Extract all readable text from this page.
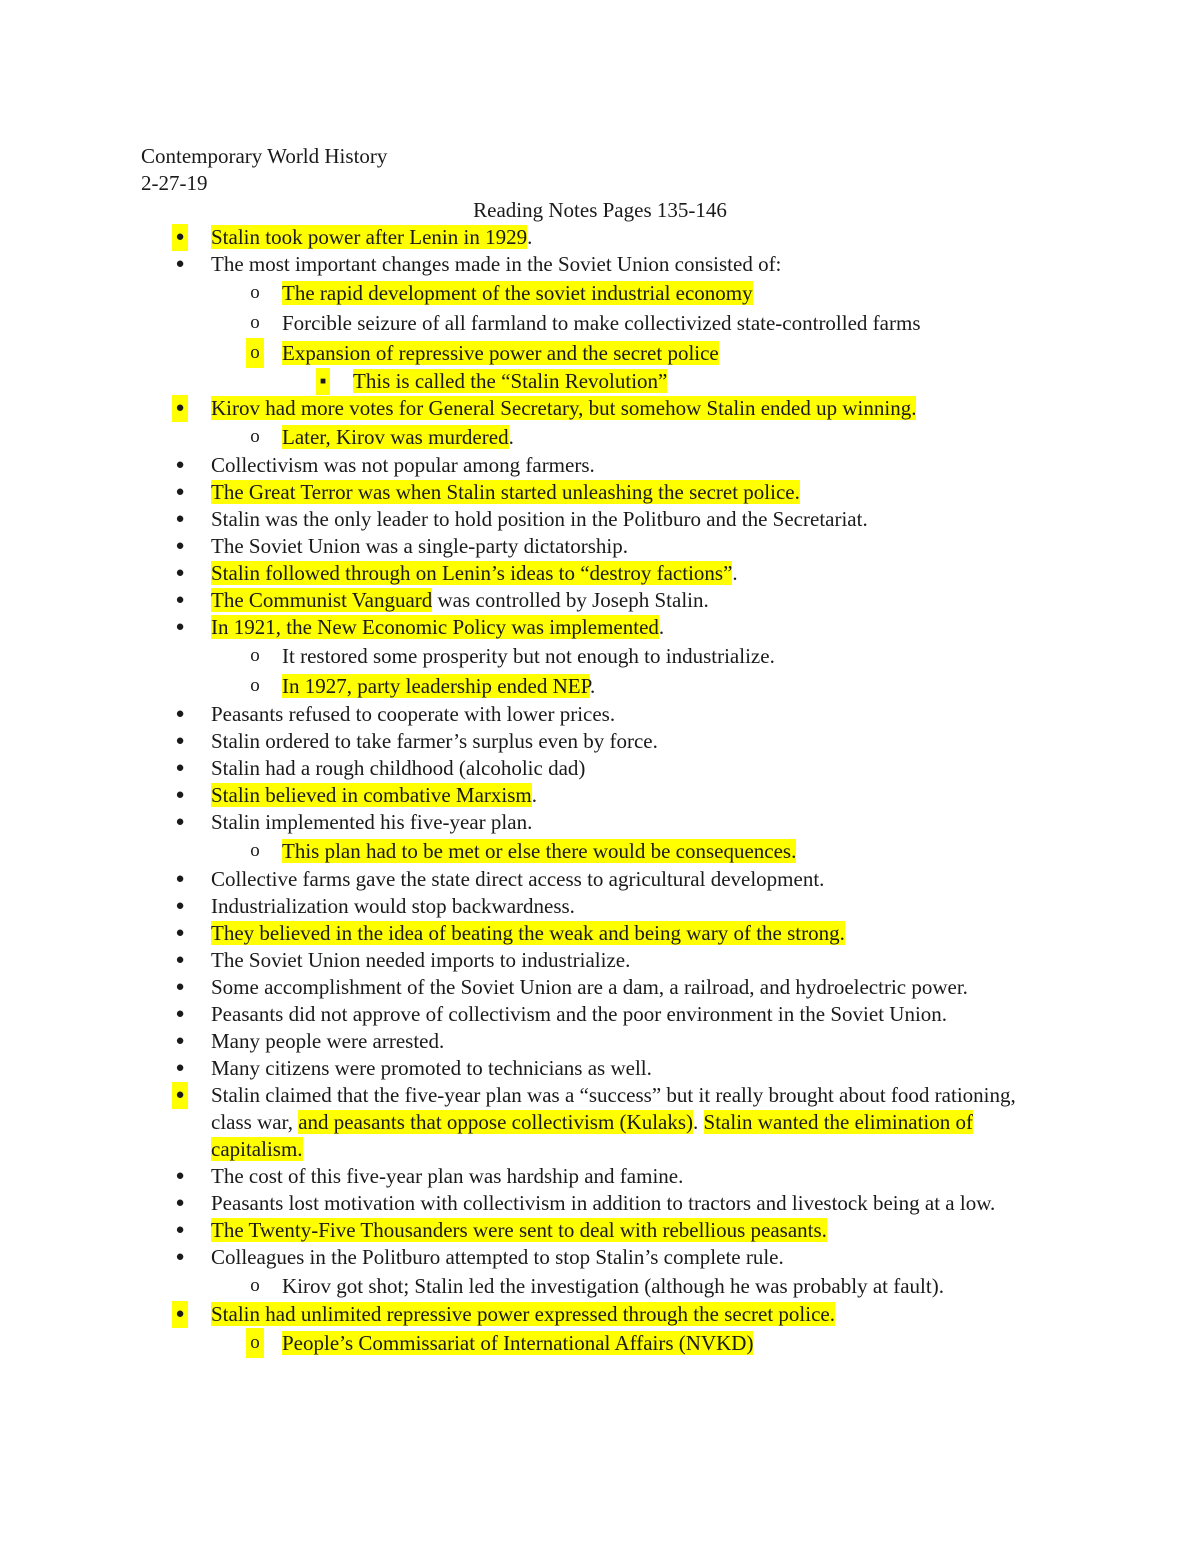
Contemporary World History
2-27-19
Reading Notes Pages 135-146
● Stalin took power after Lenin in 1929.
● The most important changes made in the Soviet Union consisted of:
o The rapid development of the soviet industrial economy
o Forcible seizure of all farmland to make collectivized state-controlled farms
o Expansion of repressive power and the secret police
■ This is called the “Stalin Revolution”
● Kirov had more votes for General Secretary, but somehow Stalin ended up winning.
o Later, Kirov was murdered.
● Collectivism was not popular among farmers.
● The Great Terror was when Stalin started unleashing the secret police.
● Stalin was the only leader to hold position in the Politburo and the Secretariat.
● The Soviet Union was a single-party dictatorship.
● Stalin followed through on Lenin’s ideas to “destroy factions”.
● The Communist Vanguard was controlled by Joseph Stalin.
● In 1921, the New Economic Policy was implemented.
o It restored some prosperity but not enough to industrialize.
o In 1927, party leadership ended NEP.
● Peasants refused to cooperate with lower prices.
● Stalin ordered to take farmer’s surplus even by force.
● Stalin had a rough childhood (alcoholic dad)
● Stalin believed in combative Marxism.
● Stalin implemented his five-year plan.
o This plan had to be met or else there would be consequences.
● Collective farms gave the state direct access to agricultural development.
● Industrialization would stop backwardness.
● They believed in the idea of beating the weak and being wary of the strong.
● The Soviet Union needed imports to industrialize.
● Some accomplishment of the Soviet Union are a dam, a railroad, and hydroelectric power.
● Peasants did not approve of collectivism and the poor environment in the Soviet Union.
● Many people were arrested.
● Many citizens were promoted to technicians as well.
● Stalin claimed that the five-year plan was a “success” but it really brought about food rationing, class war, and peasants that oppose collectivism (Kulaks). Stalin wanted the elimination of capitalism.
● The cost of this five-year plan was hardship and famine.
● Peasants lost motivation with collectivism in addition to tractors and livestock being at a low.
● The Twenty-Five Thousanders were sent to deal with rebellious peasants.
● Colleagues in the Politburo attempted to stop Stalin’s complete rule.
o Kirov got shot; Stalin led the investigation (although he was probably at fault).
● Stalin had unlimited repressive power expressed through the secret police.
o People’s Commissariat of International Affairs (NVKD)
